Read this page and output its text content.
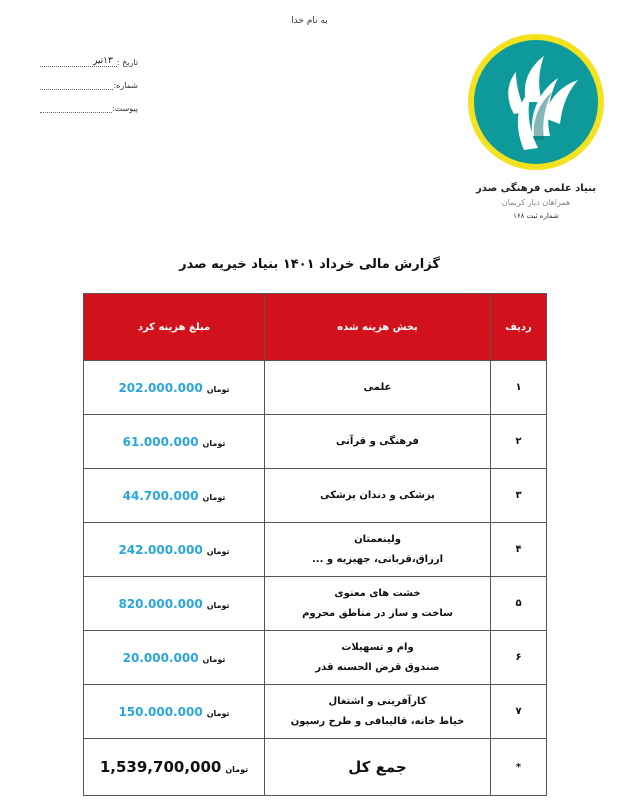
به نام خدا
تاریخ :
۱۳تیر
شماره:
پیوست:
بنیاد علمی فرهنگی صدر
همراهان دیار کریمان
شماره ثبت ۱۶۸
گزارش مالی خرداد ۱۴۰۱ بنیاد خیریه صدر
ردیف	بخش هزینه شده	مبلغ هزینه کرد
۱	علمی	202.000.000 تومان
۲	فرهنگی و قرآنی	61.000.000 تومان
۳	پزشکی و دندان پزشکی	44.700.000 تومان
۴	ولینعمتان
ارزاق،قربانی، جهیزیه و ...	242.000.000 تومان
۵	خشت های معنوی
ساخت و ساز در مناطق محروم	820.000.000 تومان
۶	وام و تسهیلات
صندوق قرض الحسنه قدر	20.000.000 تومان
۷	کارآفرینی و اشتغال
خیاط خانه، قالیبافی و طرح رسپون	150.000.000 تومان
*	جمع کل	1,539,700,000 تومان
